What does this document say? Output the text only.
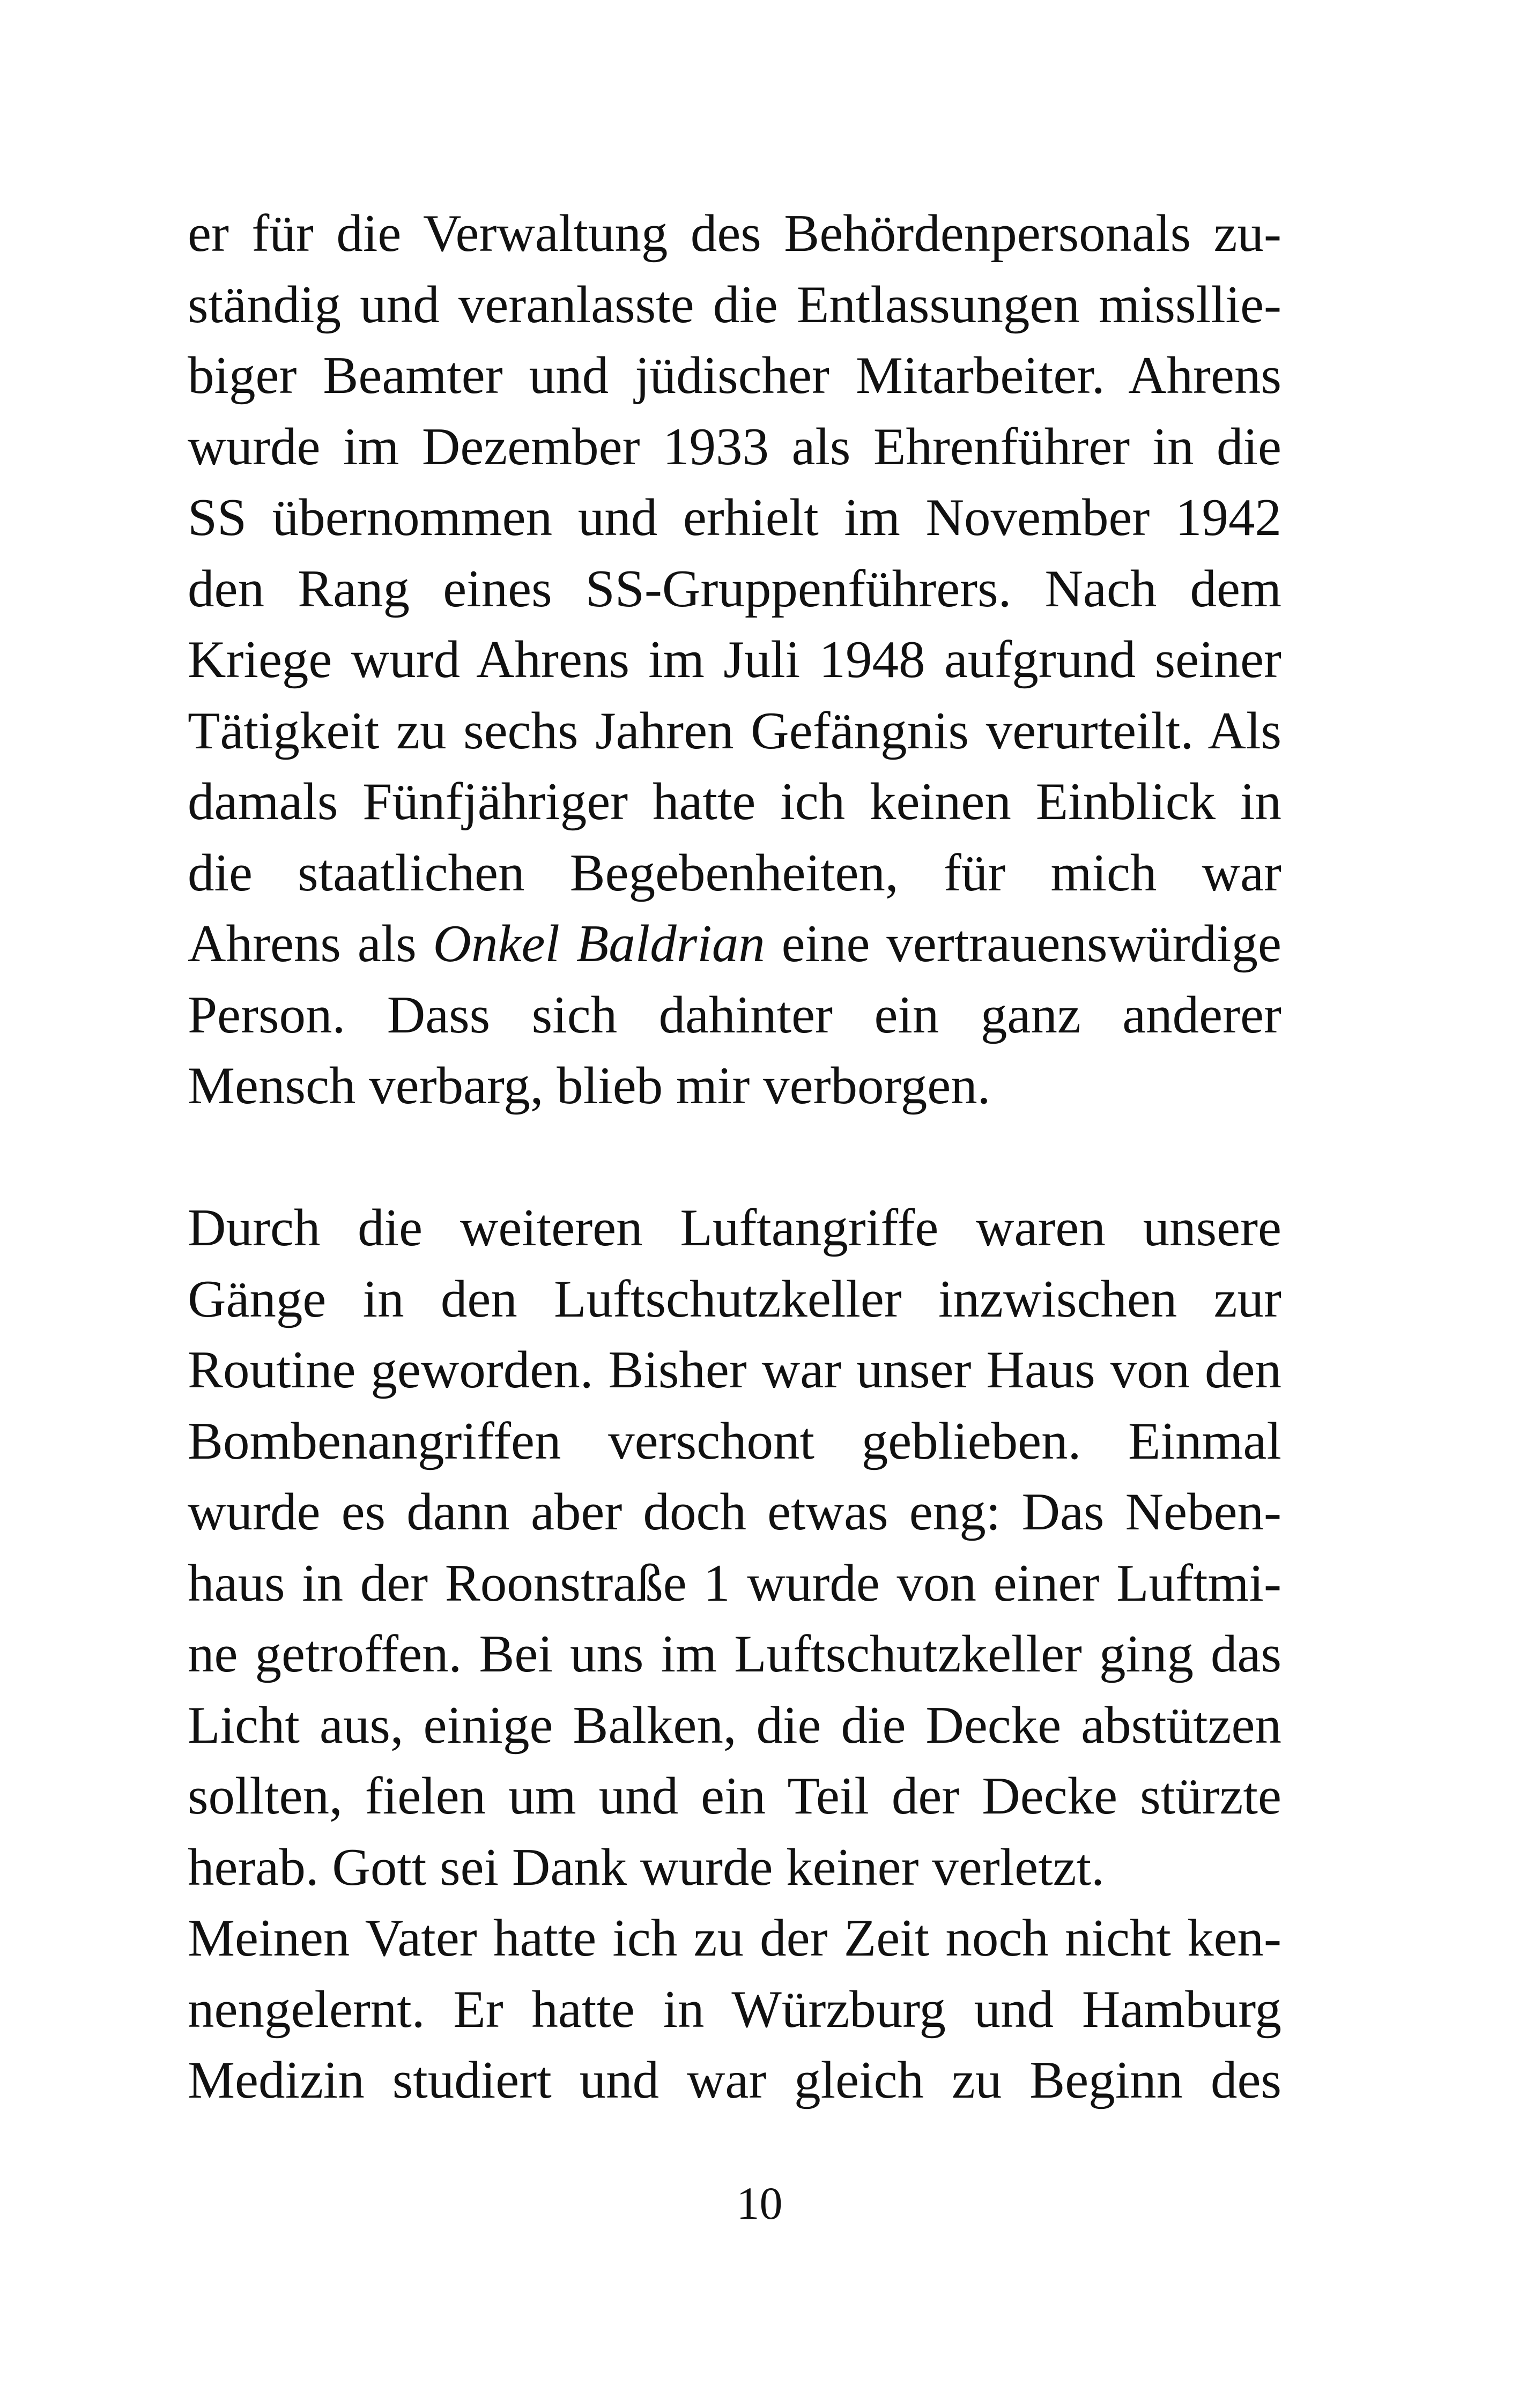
er für die Verwaltung des Behördenpersonals zu-
ständig und veranlasste die Entlassungen missllie-
biger Beamter und jüdischer Mitarbeiter. Ahrens
wurde im Dezember 1933 als Ehrenführer in die
SS übernommen und erhielt im November 1942
den Rang eines SS-Gruppenführers. Nach dem
Kriege wurd Ahrens im Juli 1948 aufgrund seiner
Tätigkeit zu sechs Jahren Gefängnis verurteilt. Als
damals Fünfjähriger hatte ich keinen Einblick in
die staatlichen Begebenheiten, für mich war
Ahrens als Onkel Baldrian eine vertrauenswürdige
Person. Dass sich dahinter ein ganz anderer
Mensch verbarg, blieb mir verborgen.
Durch die weiteren Luftangriffe waren unsere
Gänge in den Luftschutzkeller inzwischen zur
Routine geworden. Bisher war unser Haus von den
Bombenangriffen verschont geblieben. Einmal
wurde es dann aber doch etwas eng: Das Neben-
haus in der Roonstraße 1 wurde von einer Luftmi-
ne getroffen. Bei uns im Luftschutzkeller ging das
Licht aus, einige Balken, die die Decke abstützen
sollten, fielen um und ein Teil der Decke stürzte
herab. Gott sei Dank wurde keiner verletzt.
Meinen Vater hatte ich zu der Zeit noch nicht ken-
nengelernt. Er hatte in Würzburg und Hamburg
Medizin studiert und war gleich zu Beginn des
10
